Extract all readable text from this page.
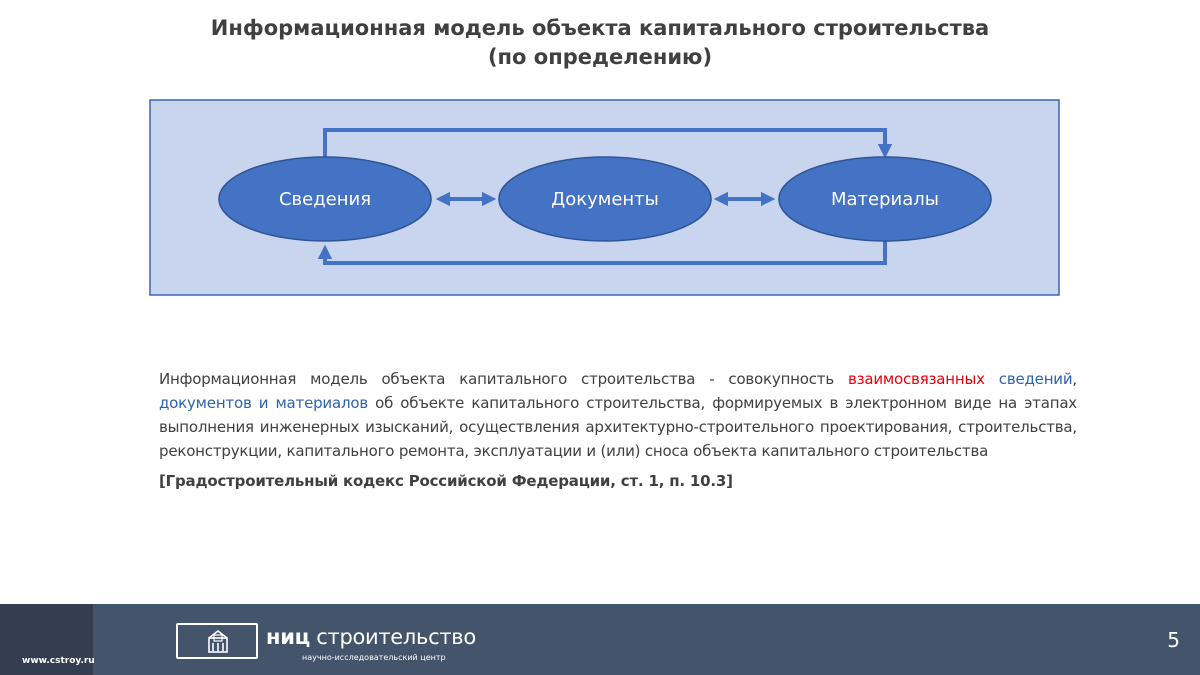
Информационная модель объекта капитального строительства
(по определению)
Сведения	Документы	Материалы

Информационная модель объекта капитального строительства - совокупность взаимосвязанных сведений, документов и материалов об объекте капитального строительства, формируемых в электронном виде на этапах выполнения инженерных изысканий, осуществления архитектурно-строительного проектирования, строительства, реконструкции, капитального ремонта, эксплуатации и (или) сноса объекта капитального строительства

[Градостроительный кодекс Российской Федерации, ст. 1, п. 10.3]

www.cstroy.ru
ниц строительство
научно-исследовательский центр
5
